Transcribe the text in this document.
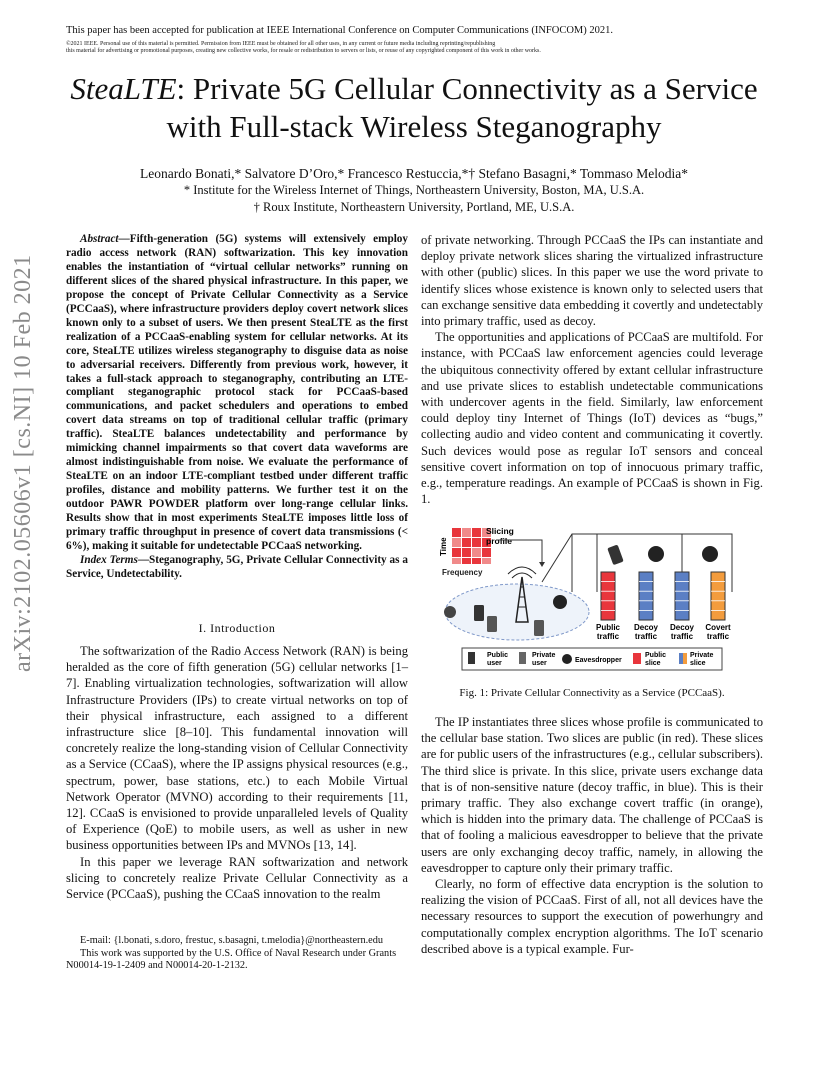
This paper has been accepted for publication at IEEE International Conference on Computer Communications (INFOCOM) 2021.
©2021 IEEE. Personal use of this material is permitted. Permission from IEEE must be obtained for all other uses, in any current or future media including reprinting/republishing
this material for advertising or promotional purposes, creating new collective works, for resale or redistribution to servers or lists, or reuse of any copyrighted component of this work in other works.
SteaLTE: Private 5G Cellular Connectivity as a Service with Full-stack Wireless Steganography
Leonardo Bonati,* Salvatore D’Oro,* Francesco Restuccia,*† Stefano Basagni,* Tommaso Melodia*
* Institute for the Wireless Internet of Things, Northeastern University, Boston, MA, U.S.A.
† Roux Institute, Northeastern University, Portland, ME, U.S.A.
arXiv:2102.05606v1 [cs.NI] 10 Feb 2021

Abstract—Fifth-generation (5G) systems will extensively employ radio access network (RAN) softwarization. This key innovation enables the instantiation of “virtual cellular networks” running on different slices of the shared physical infrastructure. In this paper, we propose the concept of Private Cellular Connectivity as a Service (PCCaaS), where infrastructure providers deploy covert network slices known only to a subset of users. We then present SteaLTE as the first realization of a PCCaaS-enabling system for cellular networks. At its core, SteaLTE utilizes wireless steganography to disguise data as noise to adversarial receivers. Differently from previous work, however, it takes a full-stack approach to steganography, contributing an LTE-compliant steganographic protocol stack for PCCaaS-based communications, and packet schedulers and operations to embed covert data streams on top of traditional cellular traffic (primary traffic). SteaLTE balances undetectability and performance by mimicking channel impairments so that covert data waveforms are almost indistinguishable from noise. We evaluate the performance of SteaLTE on an indoor LTE-compliant testbed under different traffic profiles, distance and mobility patterns. We further test it on the outdoor PAWR POWDER platform over long-range cellular links. Results show that in most experiments SteaLTE imposes little loss of primary traffic throughput in presence of covert data transmissions (< 6%), making it suitable for undetectable PCCaaS networking.

Index Terms—Steganography, 5G, Private Cellular Connectivity as a Service, Undetectability.

I. Introduction

The softwarization of the Radio Access Network (RAN) is being heralded as the core of fifth generation (5G) cellular networks [1–7]. Enabling virtualization technologies, softwarization will allow Infrastructure Providers (IPs) to create virtual networks on top of their physical infrastructure, each assigned to a different infrastructure slice [8–10]. This fundamental innovation will concretely realize the long-standing vision of Cellular Connectivity as a Service (CCaaS), where the IP assigns physical resources (e.g., spectrum, power, base stations, etc.) to each Mobile Virtual Network Operator (MVNO) according to their requirements [11, 12]. CCaaS is envisioned to provide unparalleled levels of Quality of Experience (QoE) to mobile users, as well as usher in new business opportunities between IPs and MVNOs [13, 14].

In this paper we leverage RAN softwarization and network slicing to concretely realize Private Cellular Connectivity as a Service (PCCaaS), pushing the CCaaS innovation to the realm

E-mail: {l.bonati, s.doro, frestuc, s.basagni, t.melodia}@northeastern.edu

This work was supported by the U.S. Office of Naval Research under Grants N00014-19-1-2409 and N00014-20-1-2132.

of private networking. Through PCCaaS the IPs can instantiate and deploy private network slices sharing the virtualized infrastructure with other (public) slices. In this paper we use the word private to identify slices whose existence is known only to selected users that can exchange sensitive data embedding it covertly and undetectably into primary traffic, used as decoy.

The opportunities and applications of PCCaaS are multifold. For instance, with PCCaaS law enforcement agencies could leverage the ubiquitous connectivity offered by extant cellular infrastructure and use private slices to establish undetectable communications with undercover agents in the field. Similarly, law enforcement could deploy tiny Internet of Things (IoT) devices as “bugs,” collecting audio and video content and communicating it covertly. Such devices would pose as regular IoT sensors and conceal sensitive covert information on top of innocuous primary traffic, e.g., temperature readings. An example of PCCaaS is shown in Fig. 1.

Time
Frequency
Slicing
profile
Public
traffic
Decoy
traffic
Decoy
traffic
Covert
traffic
Public
user
Private
user	Eavesdropper
Public
slice
Private
slice
Fig. 1: Private Cellular Connectivity as a Service (PCCaaS).

The IP instantiates three slices whose profile is communicated to the cellular base station. Two slices are public (in red). These slices are for public users of the infrastructures (e.g., cellular subscribers). The third slice is private. In this slice, private users exchange data that is of non-sensitive nature (decoy traffic, in blue). This is their primary traffic. They also exchange covert traffic (in orange), which is hidden into the primary data. The challenge of PCCaaS is that of fooling a malicious eavesdropper to believe that the private users are only exchanging decoy traffic, namely, in allowing the eavesdropper to capture only their primary traffic.

Clearly, no form of effective data encryption is the solution to realizing the vision of PCCaaS. First of all, not all devices have the necessary resources to support the execution of powerhungry and computationally complex encryption algorithms. The IoT scenario described above is a typical example. Fur-
